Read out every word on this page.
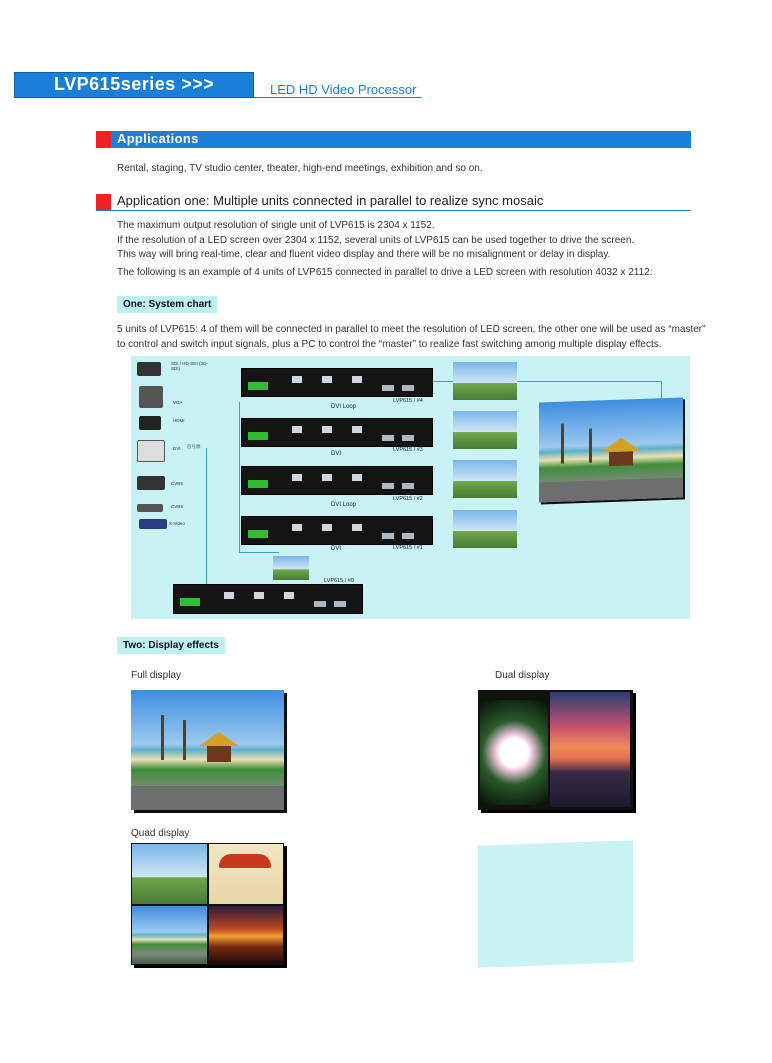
LVP615series >>>	LED HD Video Processor
Applications
Rental, staging, TV studio center, theater, high-end meetings, exhibition and so on.
Application one: Multiple units connected in parallel to realize sync mosaic
The maximum output resolution of single unit of LVP615 is 2304 x 1152.
If the resolution of a LED screen over 2304 x 1152, several units of LVP615 can be used together to drive the screen.
This way will bring real-time, clear and fluent video display and there will be no misalignment or delay in display.
The following is an example of 4 units of LVP615 connected in parallel to drive a LED screen with resolution 4032 x 2112:
One: System chart
5 units of LVP615: 4 of them will be connected in parallel to meet the resolution of LED screen, the other one will be used as “master”
to control and switch input signals, plus a PC to control the “master” to realize fast switching among multiple display effects.
SDI / HD-SDI (3G-SDI)
VGA
HDMI
DVI 信号源
CVBS
CVBS
S-Video
LVP615 / #4
DVI Loop
LVP615 / #3
DVI
LVP615 / #2
DVI Loop
LVP615 / #1
DVI
LVP615 / #0
Two: Display effects
Full display	Dual display
Quad display
